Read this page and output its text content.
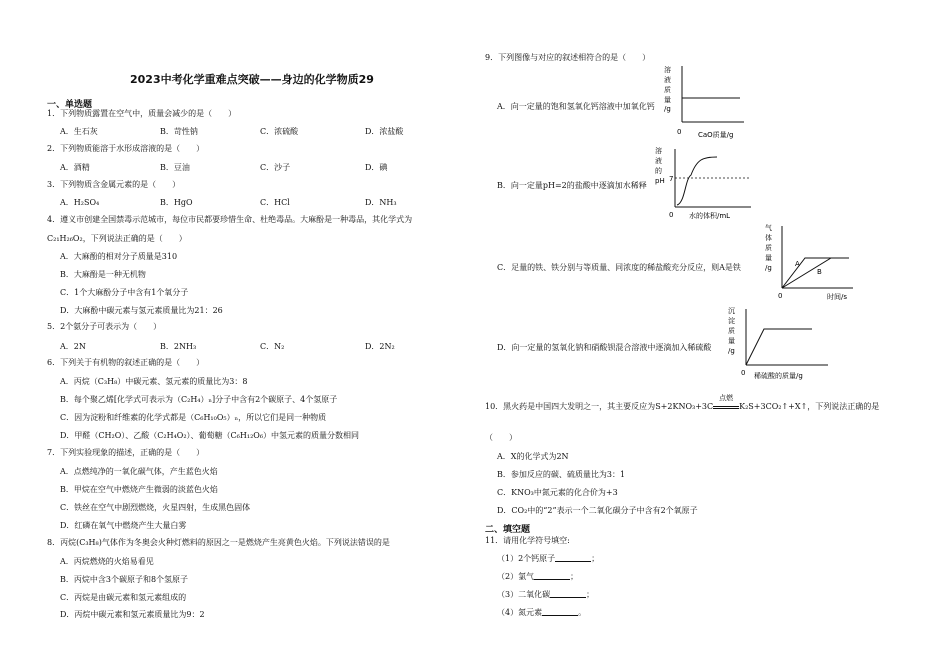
2023中考化学重难点突破——身边的化学物质29
一、单选题
1．下列物质露置在空气中，质量会减少的是（　　）
A．生石灰	B．苛性钠	C．浓硫酸	D．浓盐酸
2．下列物质能溶于水形成溶液的是（　　）
A．酒精	B．豆油	C．沙子	D．碘
3．下列物质含金属元素的是（　　）
A．H₂SO₄	B．HgO	C．HCl	D．NH₃
4．遵义市创建全国禁毒示范城市，每位市民都要珍惜生命、杜绝毒品。大麻酚是一种毒品，其化学式为
C₂₁H₂₆O₂，下列说法正确的是（　　）
A．大麻酚的相对分子质量是310
B．大麻酚是一种无机物
C．1个大麻酚分子中含有1个氧分子
D．大麻酚中碳元素与氢元素质量比为21：26
5．2个氨分子可表示为（　　）
A．2N	B．2NH₃	C．N₂	D．2N₂
6．下列关于有机物的叙述正确的是（　　）
A．丙烷（C₃H₈）中碳元素、氢元素的质量比为3：8
B．每个聚乙烯[化学式可表示为（C₂H₄）ₙ]分子中含有2个碳原子、4个氢原子
C．因为淀粉和纤维素的化学式都是（C₆H₁₀O₅）ₙ，所以它们是同一种物质
D．甲醛（CH₂O）、乙酸（C₂H₄O₂）、葡萄糖（C₆H₁₂O₆）中氢元素的质量分数相同
7．下列实验现象的描述，正确的是（　　）
A．点燃纯净的一氧化碳气体，产生蓝色火焰
B．甲烷在空气中燃烧产生微弱的淡蓝色火焰
C．铁丝在空气中剧烈燃烧，火星四射，生成黑色固体
D．红磷在氧气中燃烧产生大量白雾
8．丙烷(C₃H₈)气体作为冬奥会火种灯燃料的原因之一是燃烧产生亮黄色火焰。下列说法错误的是
A．丙烷燃烧的火焰易看见
B．丙烷中含3个碳原子和8个氢原子
C．丙烷是由碳元素和氢元素组成的
D．丙烷中碳元素和氢元素质量比为9：2
9．下列图像与对应的叙述相符合的是（　　）
A．向一定量的饱和氢氧化钙溶液中加氧化钙
溶
液
质
量
/g
0 CaO质量/g
B．向一定量pH=2的盐酸中逐滴加水稀释
溶
液
的
pH 7
0 水的体积/mL
C．足量的铁、铁分别与等质量、同浓度的稀盐酸充分反应，则A是铁
气
体
质
量
/g	A
B
0	时间/s
D．向一定量的氢氧化钠和硝酸钡混合溶液中逐滴加入稀硫酸
沉
淀
质
量
/g
0 稀硫酸的质量/g
10．黑火药是中国四大发明之一，其主要反应为S+2KNO₃+3C
点燃
K₂S+3CO₂↑+X↑，下列说法正确的是
（　　）
A．X的化学式为2N
B．参加反应的碳、硫质量比为3：1
C．KNO₃中氮元素的化合价为+3
D．CO₂中的“2”表示一个二氧化碳分子中含有2个氧原子
二、填空题
11．请用化学符号填空:
（1）2个钙原子	；
（2）氯气	；
（3）二氧化碳	；
（4）氮元素	。
